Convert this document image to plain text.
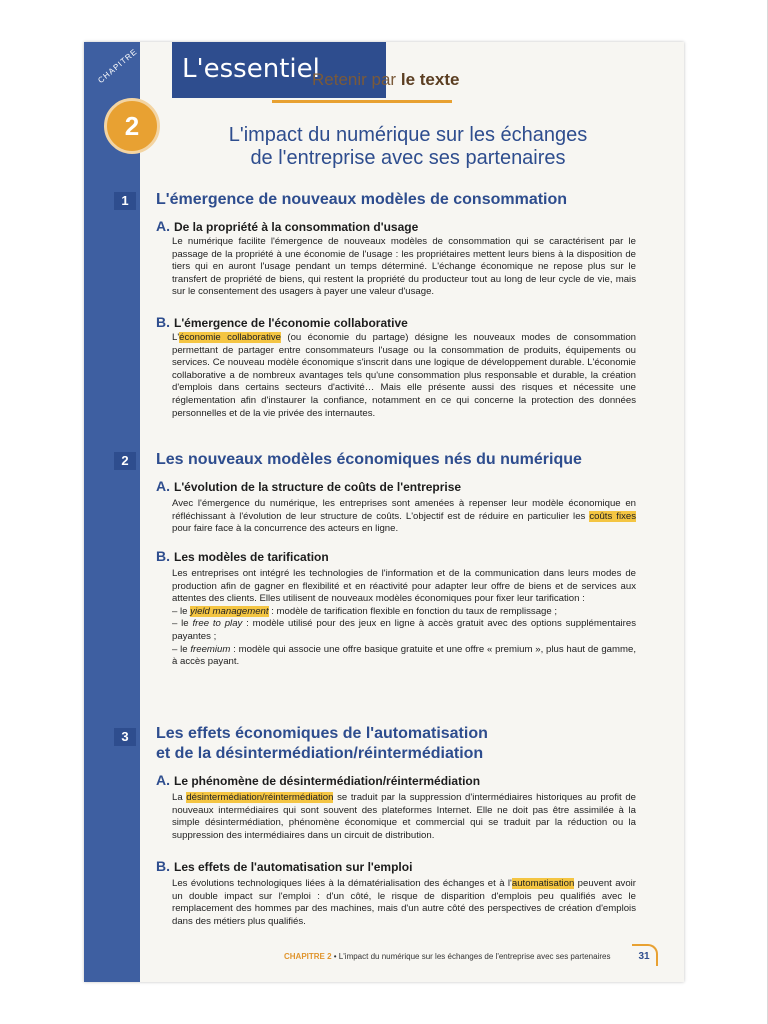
CHAPITRE
2
L'essentiel
Retenir par le texte
L'impact du numérique sur les échanges
de l'entreprise avec ses partenaires
1	L'émergence de nouveaux modèles de consommation
A. De la propriété à la consommation d'usage
Le numérique facilite l'émergence de nouveaux modèles de consommation qui se caractérisent par le passage de la propriété à une économie de l'usage : les propriétaires mettent leurs biens à la disposition de tiers qui en auront l'usage pendant un temps déterminé. L'échange économique ne repose plus sur le transfert de propriété de biens, qui restent la propriété du producteur tout au long de leur cycle de vie, mais sur le consentement des usagers à payer une valeur d'usage.
B. L'émergence de l'économie collaborative
L'économie collaborative (ou économie du partage) désigne les nouveaux modes de consommation permettant de partager entre consommateurs l'usage ou la consommation de produits, équipements ou services. Ce nouveau modèle économique s'inscrit dans une logique de développement durable. L'économie collaborative a de nombreux avantages tels qu'une consommation plus responsable et durable, la création d'emplois dans certains secteurs d'activité… Mais elle présente aussi des risques et nécessite une réglementation afin d'instaurer la confiance, notamment en ce qui concerne la protection des données personnelles et de la vie privée des internautes.
2	Les nouveaux modèles économiques nés du numérique
A. L'évolution de la structure de coûts de l'entreprise
Avec l'émergence du numérique, les entreprises sont amenées à repenser leur modèle économique en réfléchissant à l'évolution de leur structure de coûts. L'objectif est de réduire en particulier les coûts fixes pour faire face à la concurrence des acteurs en ligne.
B. Les modèles de tarification
Les entreprises ont intégré les technologies de l'information et de la communication dans leurs modes de production afin de gagner en flexibilité et en réactivité pour adapter leur offre de biens et de services aux attentes des clients. Elles utilisent de nouveaux modèles économiques pour fixer leur tarification :
– le yield management : modèle de tarification flexible en fonction du taux de remplissage ;
– le free to play : modèle utilisé pour des jeux en ligne à accès gratuit avec des options supplémentaires payantes ;
– le freemium : modèle qui associe une offre basique gratuite et une offre « premium », plus haut de gamme, à accès payant.
3	Les effets économiques de l'automatisation
et de la désintermédiation/réintermédiation
A. Le phénomène de désintermédiation/réintermédiation
La désintermédiation/réintermédiation se traduit par la suppression d'intermédiaires historiques au profit de nouveaux intermédiaires qui sont souvent des plateformes Internet. Elle ne doit pas être assimilée à la simple désintermédiation, phénomène économique et commercial qui se traduit par la réduction ou la suppression des intermédiaires dans un circuit de distribution.
B. Les effets de l'automatisation sur l'emploi
Les évolutions technologiques liées à la dématérialisation des échanges et à l'automatisation peuvent avoir un double impact sur l'emploi : d'un côté, le risque de disparition d'emplois peu qualifiés avec le remplacement des hommes par des machines, mais d'un autre côté des perspectives de création d'emplois dans des métiers plus qualifiés.
CHAPITRE 2 • L'impact du numérique sur les échanges de l'entreprise avec ses partenaires	31
